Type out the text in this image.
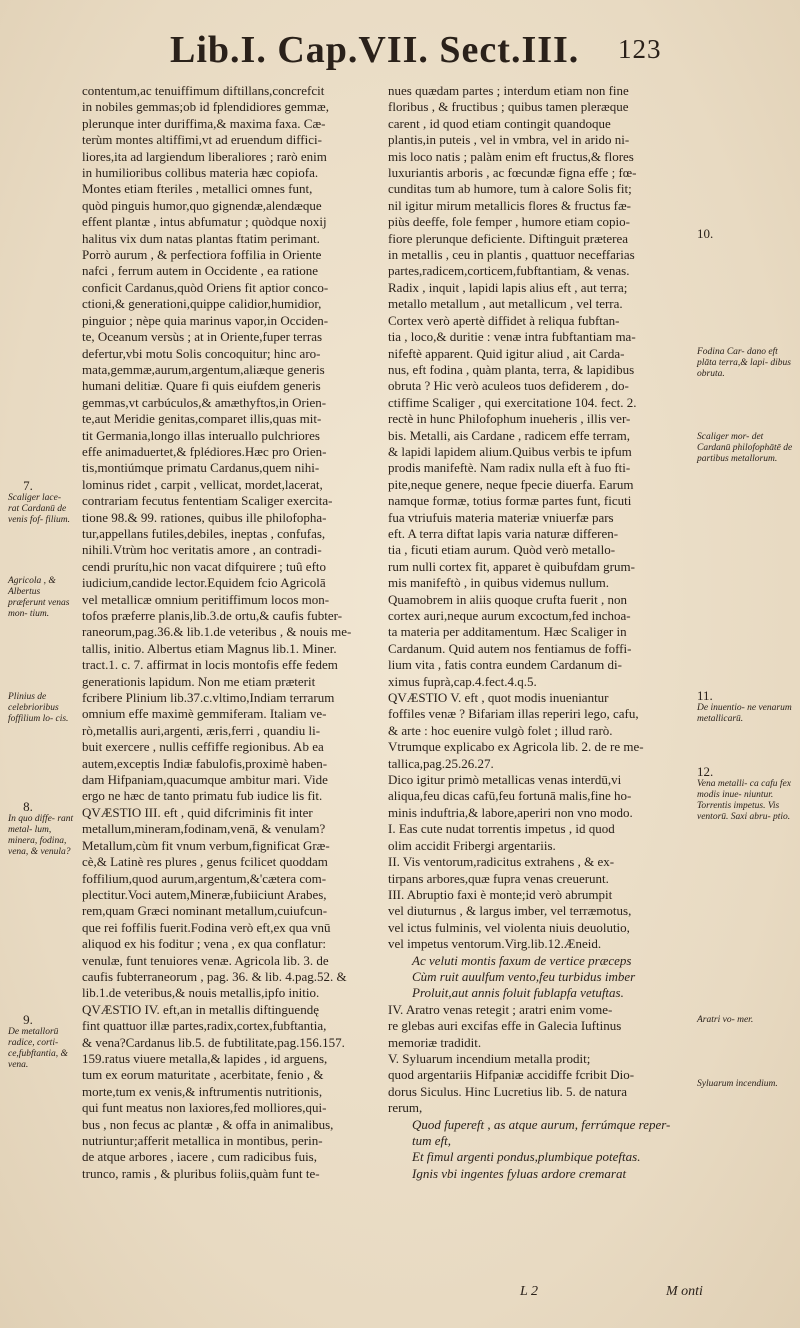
Lib.I. Cap.VII. Sect.III. 123
contentum,ac tenuiffimum diftillans,concrefcit
in nobiles gemmas;ob id fplendidiores gemmæ,
plerunque inter duriffima,& maxima faxa. Cæ-
terùm montes altiffimi,vt ad eruendum diffici-
liores,ita ad largiendum liberaliores ; rarò enim
in humilioribus collibus materia hæc copiofa.
Montes etiam fteriles , metallici omnes funt,
quòd pinguis humor,quo gignendæ,alendæque
effent plantæ , intus abfumatur ; quòdque noxij
halitus vix dum natas plantas ftatim perimant.
Porrò aurum , & perfectiora foffilia in Oriente
nafci , ferrum autem in Occidente , ea ratione
conficit Cardanus,quòd Oriens fit aptior conco-
ctioni,& generationi,quippe calidior,humidior,
pinguior ; nèpe quia marinus vapor,in Occiden-
te, Oceanum versùs ; at in Oriente,fuper terras
defertur,vbi motu Solis concoquitur; hinc aro-
mata,gemmæ,aurum,argentum,aliæque generis
humani delitiæ. Quare fi quis eiufdem generis
gemmas,vt carbúculos,& amæthyftos,in Orien-
te,aut Meridie genitas,comparet illis,quas mit-
tit Germania,longo illas interuallo pulchriores
effe animaduertet,& fplédiores.Hæc pro Orien-
tis,montiúmque primatu Cardanus,quem nihi-
lominus ridet , carpit , vellicat, mordet,lacerat,
contrariam fecutus fententiam Scaliger exercita-
tione 98.& 99. rationes, quibus ille philofopha-
tur,appellans futiles,debiles, ineptas , confufas,
nihili.Vtrùm hoc veritatis amore , an contradi-
cendi prurítu,hic non vacat difquirere ; tuû efto
iudicium,candide lector.Equidem fcio Agricolā
vel metallicæ omnium peritiffimum locos mon-
tofos præferre planis,lib.3.de ortu,& caufis fubter-
raneorum,pag.36.& lib.1.de veteribus , & nouis me-
tallis, initio. Albertus etiam Magnus lib.1. Miner.
tract.1. c. 7. affirmat in locis montofis effe fedem
generationis lapidum. Non me etiam præterit
fcribere Plinium lib.37.c.vltimo,Indiam terrarum
omnium effe maximè gemmiferam. Italiam ve-
rò,metallis auri,argenti, æris,ferri , quandiu li-
buit exercere , nullis ceffiffe regionibus. Ab ea
autem,exceptis Indiæ fabulofis,proximè haben-
dam Hifpaniam,quacumque ambitur mari. Vide
ergo ne hæc de tanto primatu fub iudice lis fit.
QVÆSTIO III. eft , quid difcriminis fit inter
metallum,mineram,fodinam,venā, & venulam?
Metallum,cùm fit vnum verbum,fignificat Græ-
cè,& Latinè res plures , genus fcilicet quoddam
foffilium,quod aurum,argentum,&'cætera com-
plectitur.Voci autem,Mineræ,fubiiciunt Arabes,
rem,quam Græci nominant metallum,cuiufcun-
que rei foffilis fuerit.Fodina verò eft,ex qua vnū
aliquod ex his foditur ; vena , ex qua conflatur:
venulæ, funt tenuiores venæ. Agricola lib. 3. de
caufis fubterraneorum , pag. 36. & lib. 4.pag.52. &
lib.1.de veteribus,& nouis metallis,ipfo initio.
QVÆSTIO IV. eft,an in metallis diftinguendę
fint quattuor illæ partes,radix,cortex,fubftantia,
& vena?Cardanus lib.5. de fubtilitate,pag.156.157.
159.ratus viuere metalla,& lapides , id arguens,
tum ex eorum maturitate , acerbitate, fenio , &
morte,tum ex venis,& inftrumentis nutritionis,
qui funt meatus non laxiores,fed molliores,qui-
bus , non fecus ac plantæ , & offa in animalibus,
nutriuntur;afferit metallica in montibus, perin-
de atque arbores , iacere , cum radicibus fuis,
trunco, ramis , & pluribus foliis,quàm funt te-
nues quædam partes ; interdum etiam non fine
floribus , & fructibus ; quibus tamen pleræque
carent , id quod etiam contingit quandoque
plantis,in puteis , vel in vmbra, vel in arido ni-
mis loco natis ; palàm enim eft fructus,& flores
luxuriantis arboris , ac fœcundæ figna effe ; fœ-
cunditas tum ab humore, tum à calore Solis fit;
nil igitur mirum metallicis flores & fructus fæ-
piùs deeffe, fole femper , humore etiam copio-
fiore plerunque deficiente. Diftinguit præterea
in metallis , ceu in plantis , quattuor neceffarias
partes,radicem,corticem,fubftantiam, & venas.
Radix , inquit , lapidi lapis alius eft , aut terra;
metallo metallum , aut metallicum , vel terra.
Cortex verò apertè diffidet à reliqua fubftan-
tia , loco,& duritie : venæ intra fubftantiam ma-
nifeftè apparent. Quid igitur aliud , ait Carda-
nus, eft fodina , quàm planta, terra, & lapidibus
obruta ? Hic verò aculeos tuos defiderem , do-
ctiffime Scaliger , qui exercitatione 104. fect. 2.
rectè in hunc Philofophum inueheris , illis ver-
bis. Metalli, ais Cardane , radicem effe terram,
& lapidi lapidem alium.Quibus verbis te ipfum
prodis manifeftè. Nam radix nulla eft à fuo fti-
pite,neque genere, neque fpecie diuerfa. Earum
namque formæ, totius formæ partes funt, ficuti
fua vtriufuis materia materiæ vniuerfæ pars
eft. A terra diftat lapis varia naturæ differen-
tia , ficuti etiam aurum. Quòd verò metallo-
rum nulli cortex fit, apparet è quibufdam grum-
mis manifeftò , in quibus videmus nullum.
Quamobrem in aliis quoque crufta fuerit , non
cortex auri,neque aurum excoctum,fed inchoa-
ta materia per additamentum. Hæc Scaliger in
Cardanum. Quid autem nos fentiamus de foffi-
lium vita , fatis contra eundem Cardanum di-
ximus fuprà,cap.4.fect.4.q.5.
QVÆSTIO V. eft , quot modis inueniantur
foffiles venæ ? Bifariam illas reperiri lego, cafu,
& arte : hoc euenire vulgò folet ; illud rarò.
Vtrumque explicabo ex Agricola lib. 2. de re me-
tallica,pag.25.26.27.
Dico igitur primò metallicas venas interdū,vi
aliqua,feu dicas cafū,feu fortunā malis,fine ho-
minis induftria,& labore,aperiri non vno modo.
I. Eas cute nudat torrentis impetus , id quod
olim accidit Fribergi argentariis.
II. Vis ventorum,radicitus extrahens , & ex-
tirpans arbores,quæ fupra venas creuerunt.
III. Abruptio faxi è monte;id verò abrumpit
vel diuturnus , & largus imber, vel terræmotus,
vel ictus fulminis, vel violenta niuis deuolutio,
vel impetus ventorum.Virg.lib.12.Æneid.
Ac veluti montis faxum de vertice præceps
Cùm ruit auulfum vento,feu turbidus imber
Proluit,aut annis foluit fublapfa vetuftas.
IV. Aratro venas retegit ; aratri enim vome-
re glebas auri excifas effe in Galecia Iuftinus
memoriæ tradidit.
V. Syluarum incendium metalla prodit;
quod argentariis Hifpaniæ accidiffe fcribit Dio-
dorus Siculus. Hinc Lucretius lib. 5. de natura
rerum,
Quod fupereft , as atque aurum, ferrúmque reper-
tum eft,
Et fimul argenti pondus,plumbique poteftas.
Ignis vbi ingentes fyluas ardore cremarat
7.
Scaliger lace- rat Cardanū de venis fof- filium.
Agricola , & Albertus præferunt venas mon- tium.
Plinius de celebrioribus foffilium lo- cis.
8.
In quo diffe- rant metal- lum, minera, fodina, vena, & venula?
9.
De metallorū radice, corti- ce,fubftantia, & vena.
10.
Fodina Car- dano eft plāta terra,& lapi- dibus obruta.
Scaliger mor- det Cardanū philofophātē de partibus metallorum.
11.
De inuentio- ne venarum metallicarū.
12.
Vena metalli- ca cafu fex modis inue- niuntur. Torrentis impetus. Vis ventorū. Saxi abru- ptio.
Aratri vo- mer.
Syluarum incendium.
L 2	M onti
